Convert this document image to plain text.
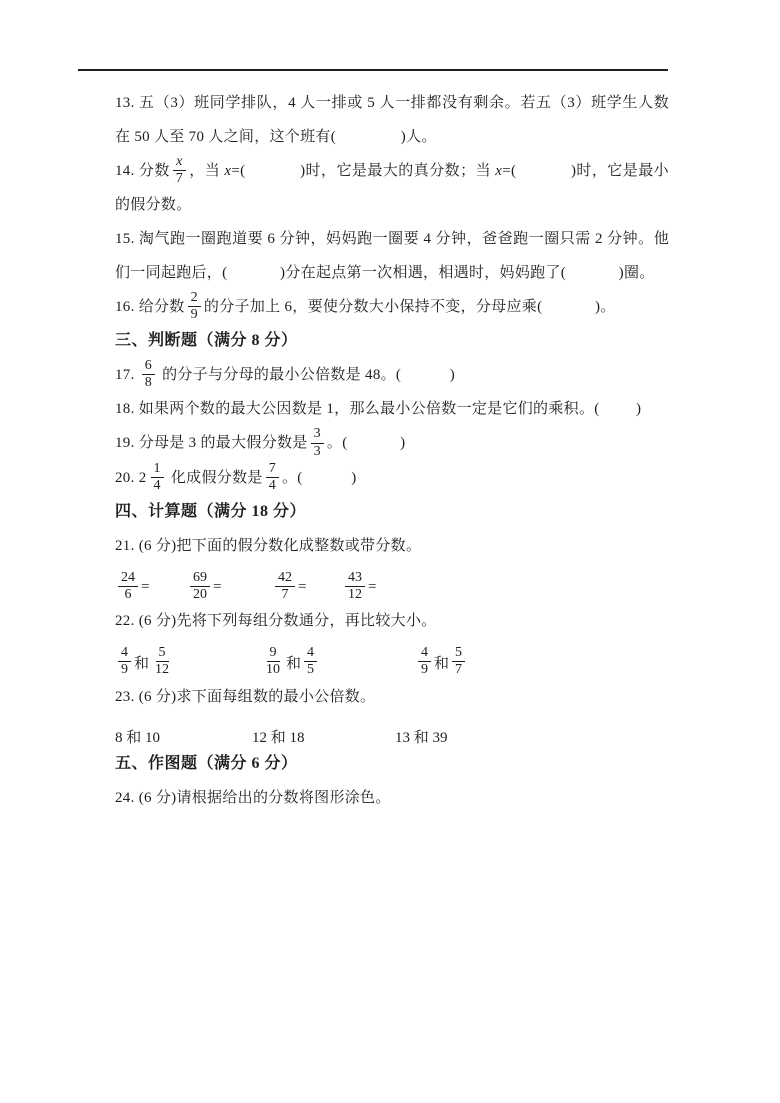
13. 五（3）班同学排队，4 人一排或 5 人一排都没有剩余。若五（3）班学生人数在 50 人至 70 人之间，这个班有(                )人。

14. 分数 $\frac{x}{7}$ ，当 x=(             )时，它是最大的真分数；当 x=(             )时，它是最小的假分数。

15. 淘气跑一圈跑道要 6 分钟，妈妈跑一圈要 4 分钟，爸爸跑一圈只需 2 分钟。他们一同起跑后，(             )分在起点第一次相遇，相遇时，妈妈跑了(             )圈。

16. 给分数 $\frac{2}{9}$ 的分子加上 6，要使分数大小保持不变，分母应乘(             )。

三、判断题（满分 8 分）

17. $\frac{6}{8}$ 的分子与分母的最小公倍数是 48。(            )

18. 如果两个数的最大公因数是 1，那么最小公倍数一定是它们的乘积。(         )

19. 分母是 3 的最大假分数是 $\frac{3}{3}$ 。(             )

20. $2 \frac{1}{4}$ 化成假分数是 $\frac{7}{4}$ 。(            )

四、计算题（满分 18 分）

21. (6 分)把下面的假分数化成整数或带分数。

$\frac{24}{6}$ =	$\frac{69}{20}$ =	$\frac{42}{7}$ =	$\frac{43}{12}$ =

22. (6 分)先将下列每组分数通分，再比较大小。

$\frac{4}{9}$ 和 $\frac{5}{12}$	$\frac{9}{10}$ 和 $\frac{4}{5}$	$\frac{4}{9}$ 和 $\frac{5}{7}$

23. (6 分)求下面每组数的最小公倍数。

8 和 10	12 和 18	13 和 39
五、作图题（满分 6 分）

24. (6 分)请根据给出的分数将图形涂色。
